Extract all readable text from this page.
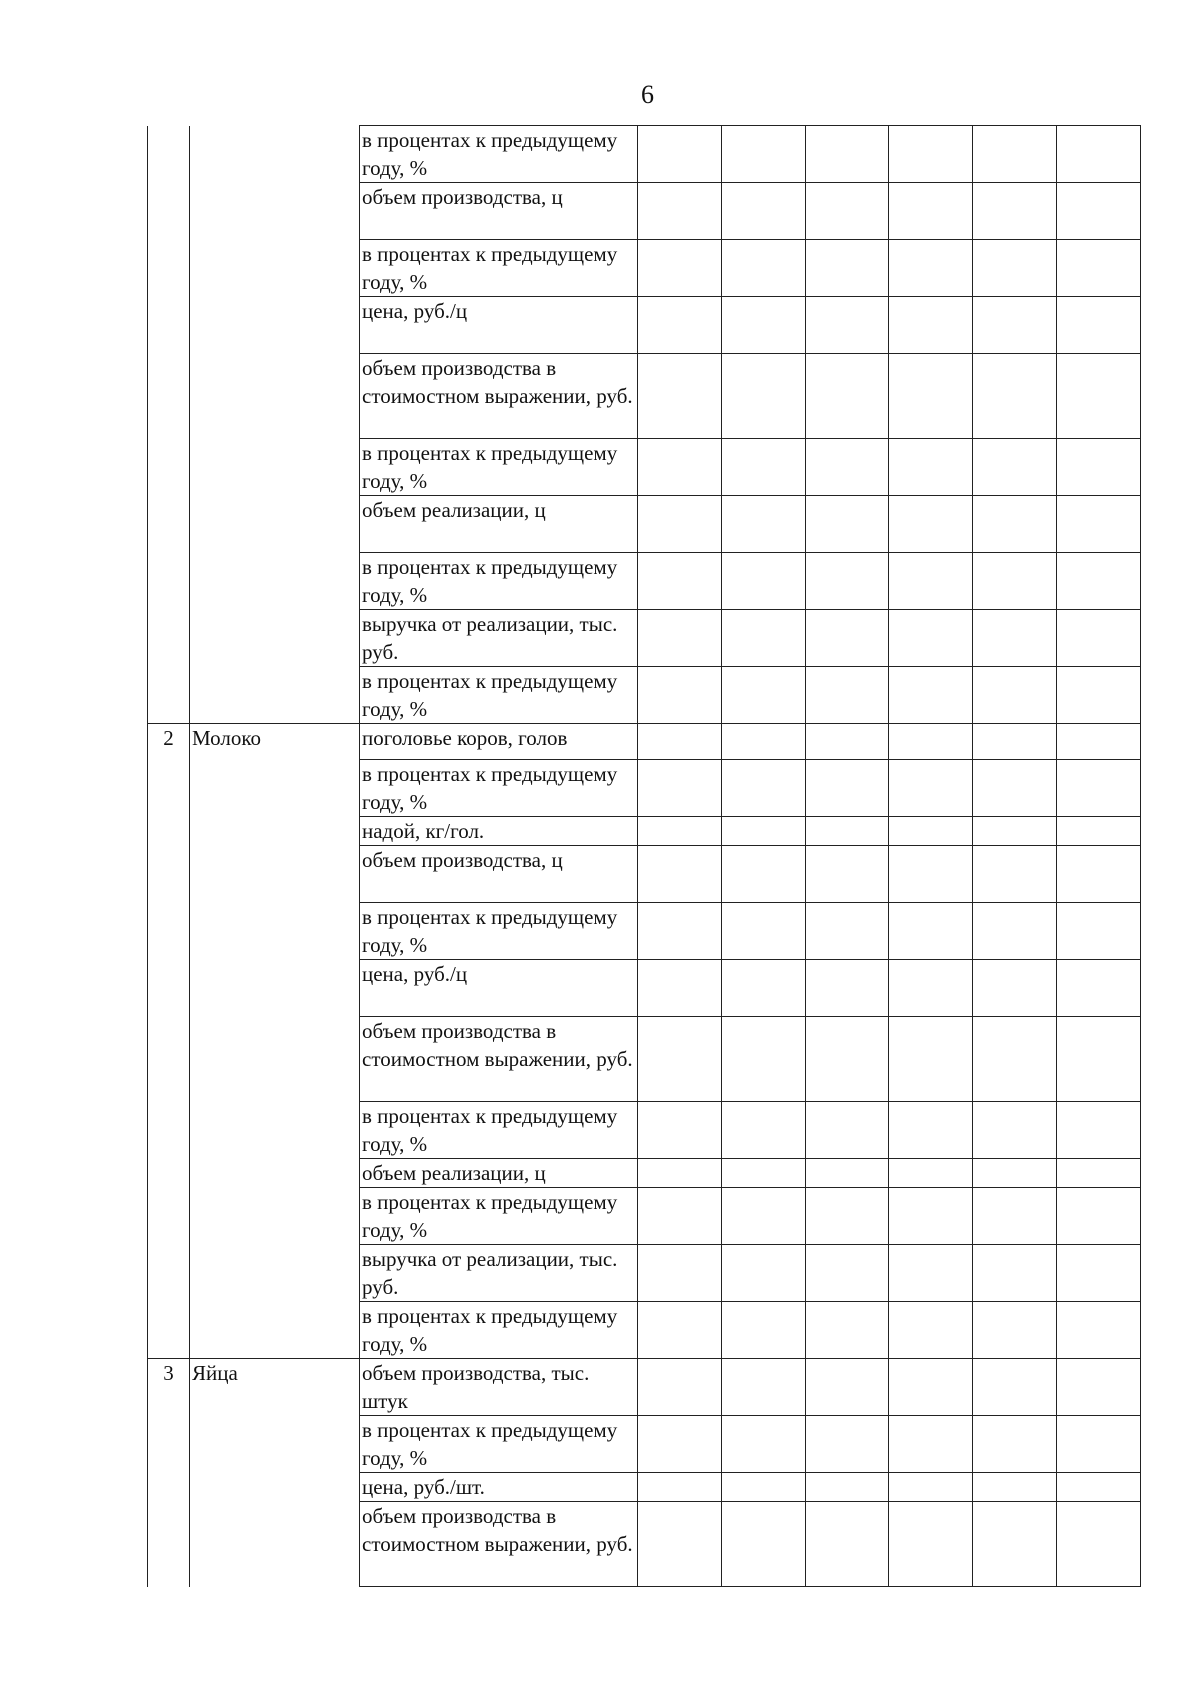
6
		в процентах к предыдущему году, %						
		объем производства, ц						
		в процентах к предыдущему году, %						
		цена, руб./ц						
		объем производства в стоимостном выражении, руб.						
		в процентах к предыдущему году, %						
		объем реализации, ц						
		в процентах к предыдущему году, %						
		выручка от реализации, тыс. руб.						
		в процентах к предыдущему году, %						
2	Молоко	поголовье коров, голов						
		в процентах к предыдущему году, %						
		надой, кг/гол.						
		объем производства, ц						
		в процентах к предыдущему году, %						
		цена, руб./ц						
		объем производства в стоимостном выражении, руб.						
		в процентах к предыдущему году, %						
		объем реализации, ц						
		в процентах к предыдущему году, %						
		выручка от реализации, тыс. руб.						
		в процентах к предыдущему году, %						
3	Яйца	объем производства, тыс. штук						
		в процентах к предыдущему году, %						
		цена, руб./шт.						
		объем производства в стоимостном выражении, руб.						
